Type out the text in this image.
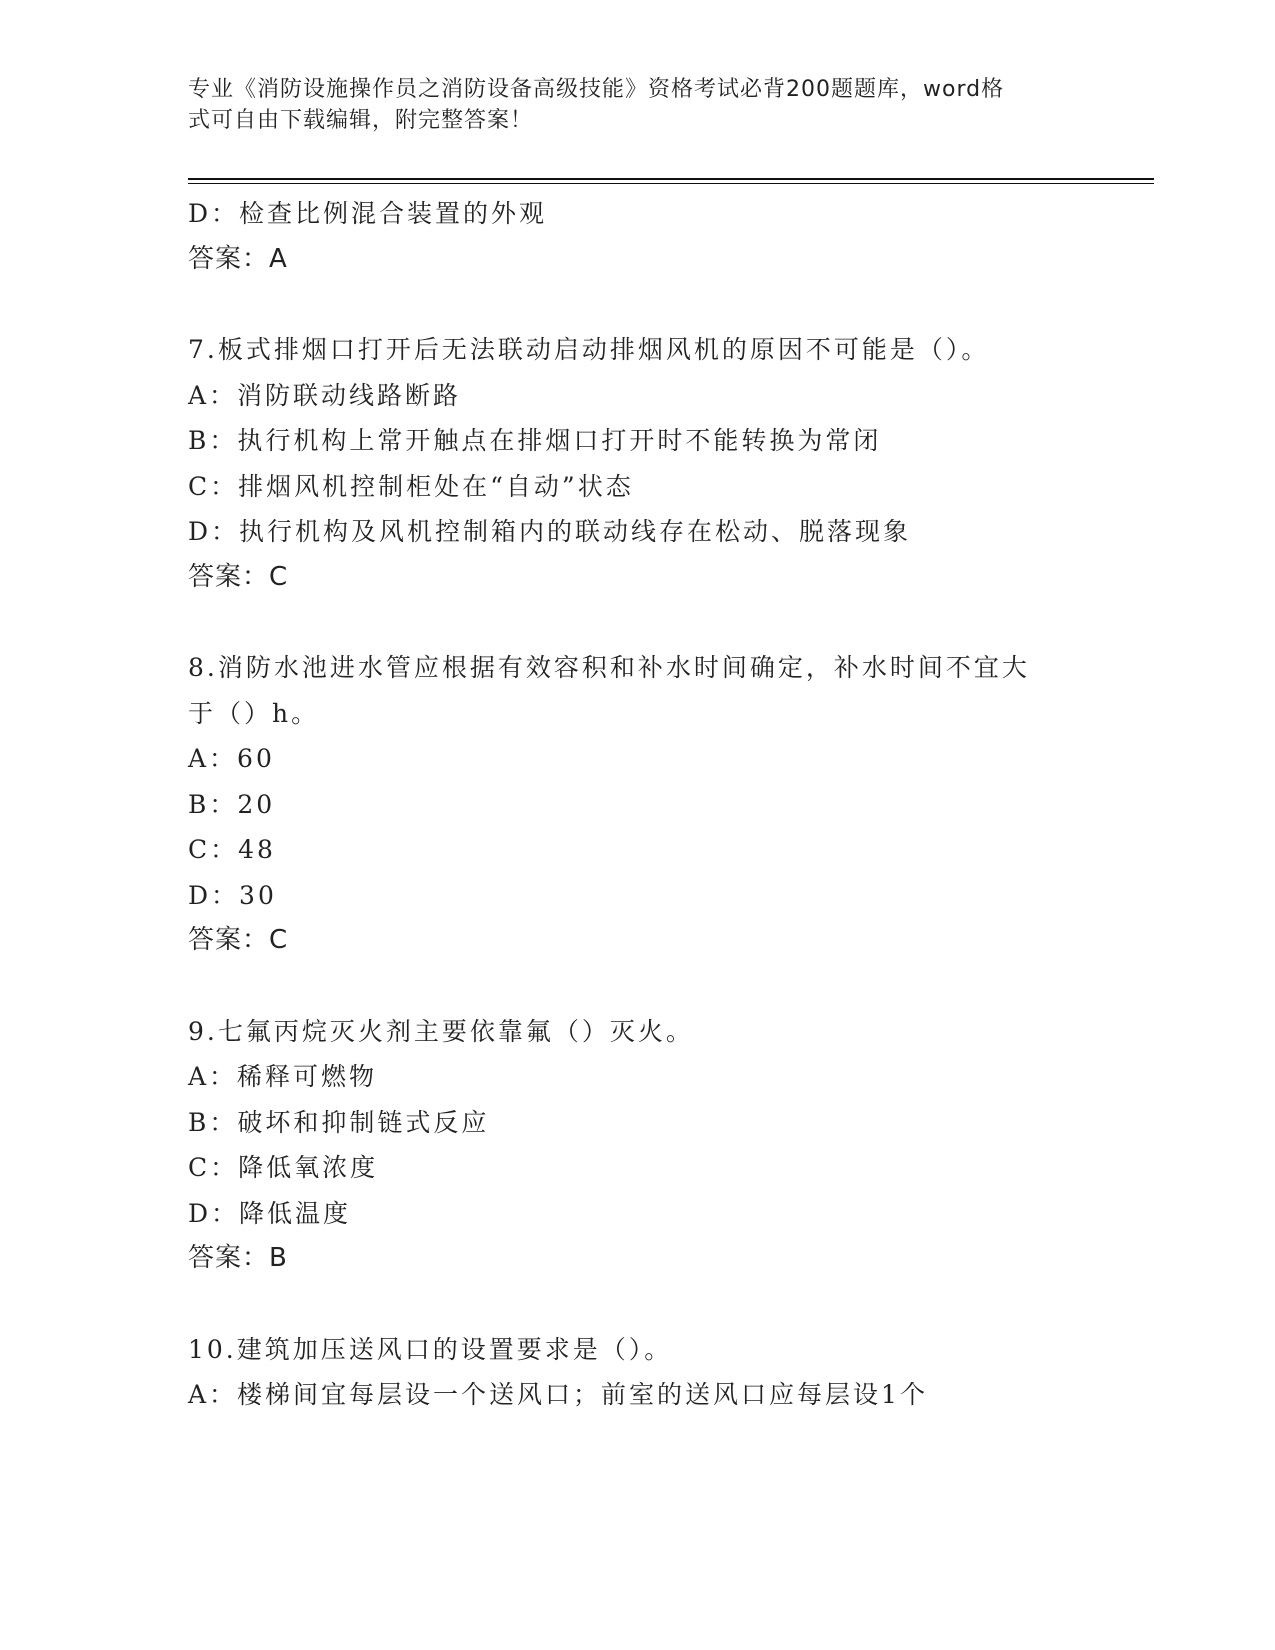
专业《消防设施操作员之消防设备高级技能》资格考试必背200题题库，word格
式可自由下载编辑，附完整答案！
D：检查比例混合装置的外观
答案：A
7.板式排烟口打开后无法联动启动排烟风机的原因不可能是（）。
A：消防联动线路断路
B：执行机构上常开触点在排烟口打开时不能转换为常闭
C：排烟风机控制柜处在“自动”状态
D：执行机构及风机控制箱内的联动线存在松动、脱落现象
答案：C
8.消防水池进水管应根据有效容积和补水时间确定，补水时间不宜大
于（）h。
A：60
B：20
C：48
D：30
答案：C
9.七氟丙烷灭火剂主要依靠氟（）灭火。
A：稀释可燃物
B：破坏和抑制链式反应
C：降低氧浓度
D：降低温度
答案：B
10.建筑加压送风口的设置要求是（）。
A：楼梯间宜每层设一个送风口；前室的送风口应每层设1个
